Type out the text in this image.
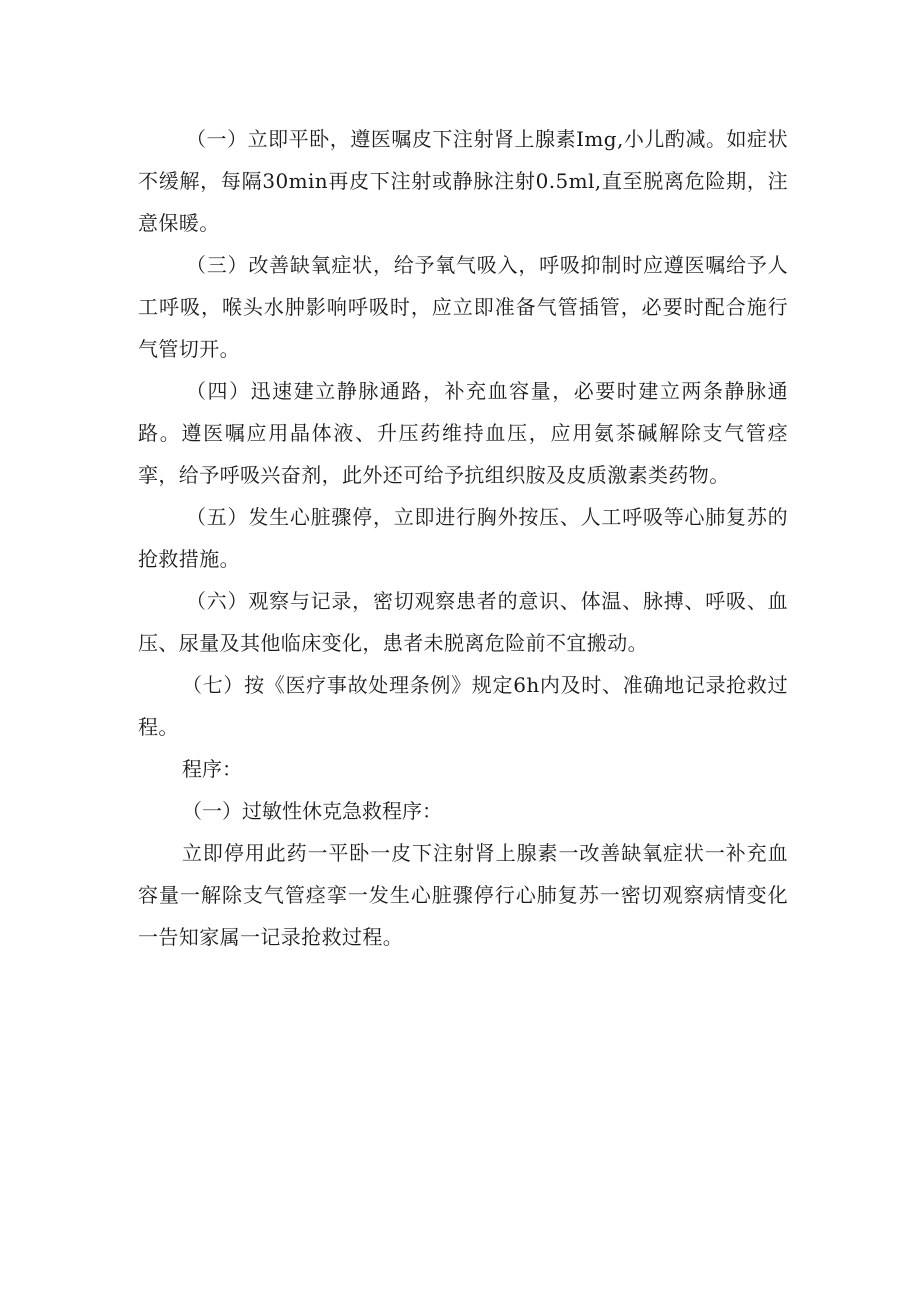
（一）立即平卧，遵医嘱皮下注射肾上腺素Img,小儿酌减。如症状不缓解，每隔30min再皮下注射或静脉注射0.5ml,直至脱离危险期，注意保暖。

（三）改善缺氧症状，给予氧气吸入，呼吸抑制时应遵医嘱给予人工呼吸，喉头水肿影响呼吸时，应立即准备气管插管，必要时配合施行气管切开。

（四）迅速建立静脉通路，补充血容量，必要时建立两条静脉通路。遵医嘱应用晶体液、升压药维持血压，应用氨茶碱解除支气管痉挛，给予呼吸兴奋剂，此外还可给予抗组织胺及皮质激素类药物。

（五）发生心脏骤停，立即进行胸外按压、人工呼吸等心肺复苏的抢救措施。

（六）观察与记录，密切观察患者的意识、体温、脉搏、呼吸、血压、尿量及其他临床变化，患者未脱离危险前不宜搬动。

（七）按《医疗事故处理条例》规定6h内及时、准确地记录抢救过程。

程序：

（一）过敏性休克急救程序：

立即停用此药一平卧一皮下注射肾上腺素一改善缺氧症状一补充血容量一解除支气管痉挛一发生心脏骤停行心肺复苏一密切观察病情变化一告知家属一记录抢救过程。
